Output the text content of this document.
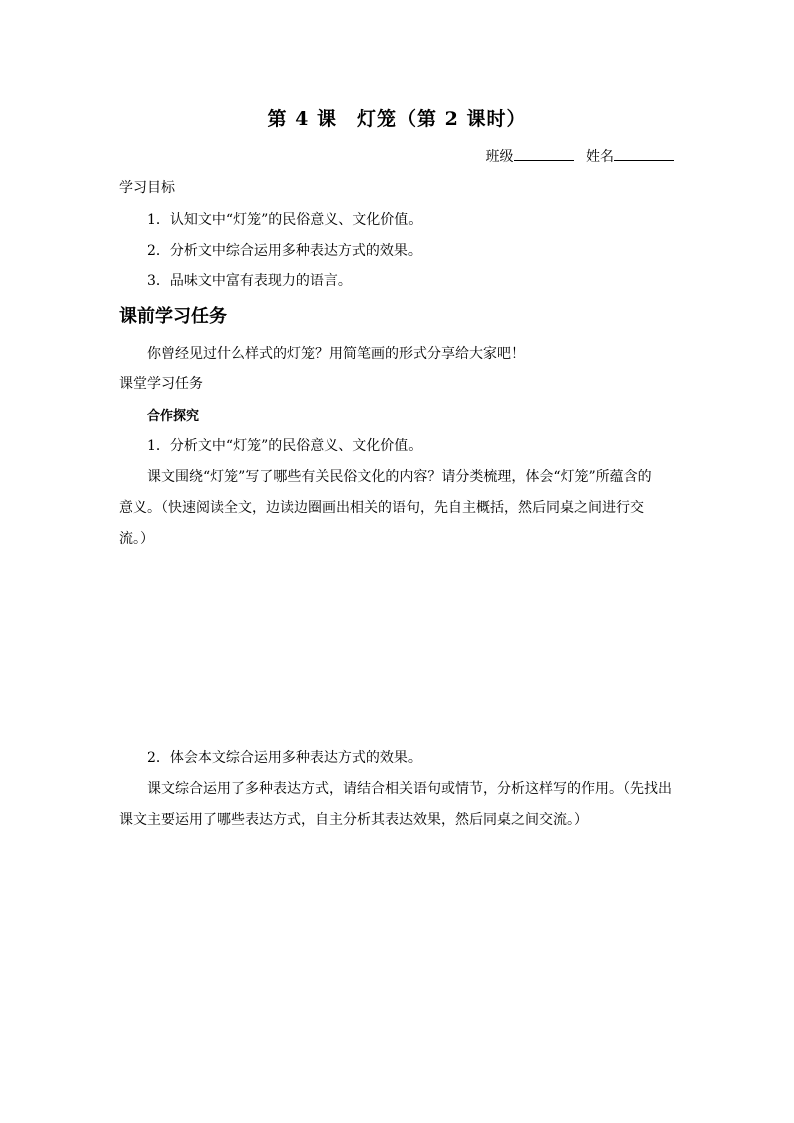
第 4 课　灯笼（第 2 课时）
班级	姓名
学习目标
1．认知文中“灯笼”的民俗意义、文化价值。
2．分析文中综合运用多种表达方式的效果。
3．品味文中富有表现力的语言。
课前学习任务
你曾经见过什么样式的灯笼？用简笔画的形式分享给大家吧！
课堂学习任务
合作探究
1．分析文中“灯笼”的民俗意义、文化价值。
课文围绕“灯笼”写了哪些有关民俗文化的内容？请分类梳理，体会“灯笼”所蕴含的
意义。（快速阅读全文，边读边圈画出相关的语句，先自主概括，然后同桌之间进行交
流。）
2．体会本文综合运用多种表达方式的效果。
课文综合运用了多种表达方式，请结合相关语句或情节，分析这样写的作用。（先找出
课文主要运用了哪些表达方式，自主分析其表达效果，然后同桌之间交流。）
